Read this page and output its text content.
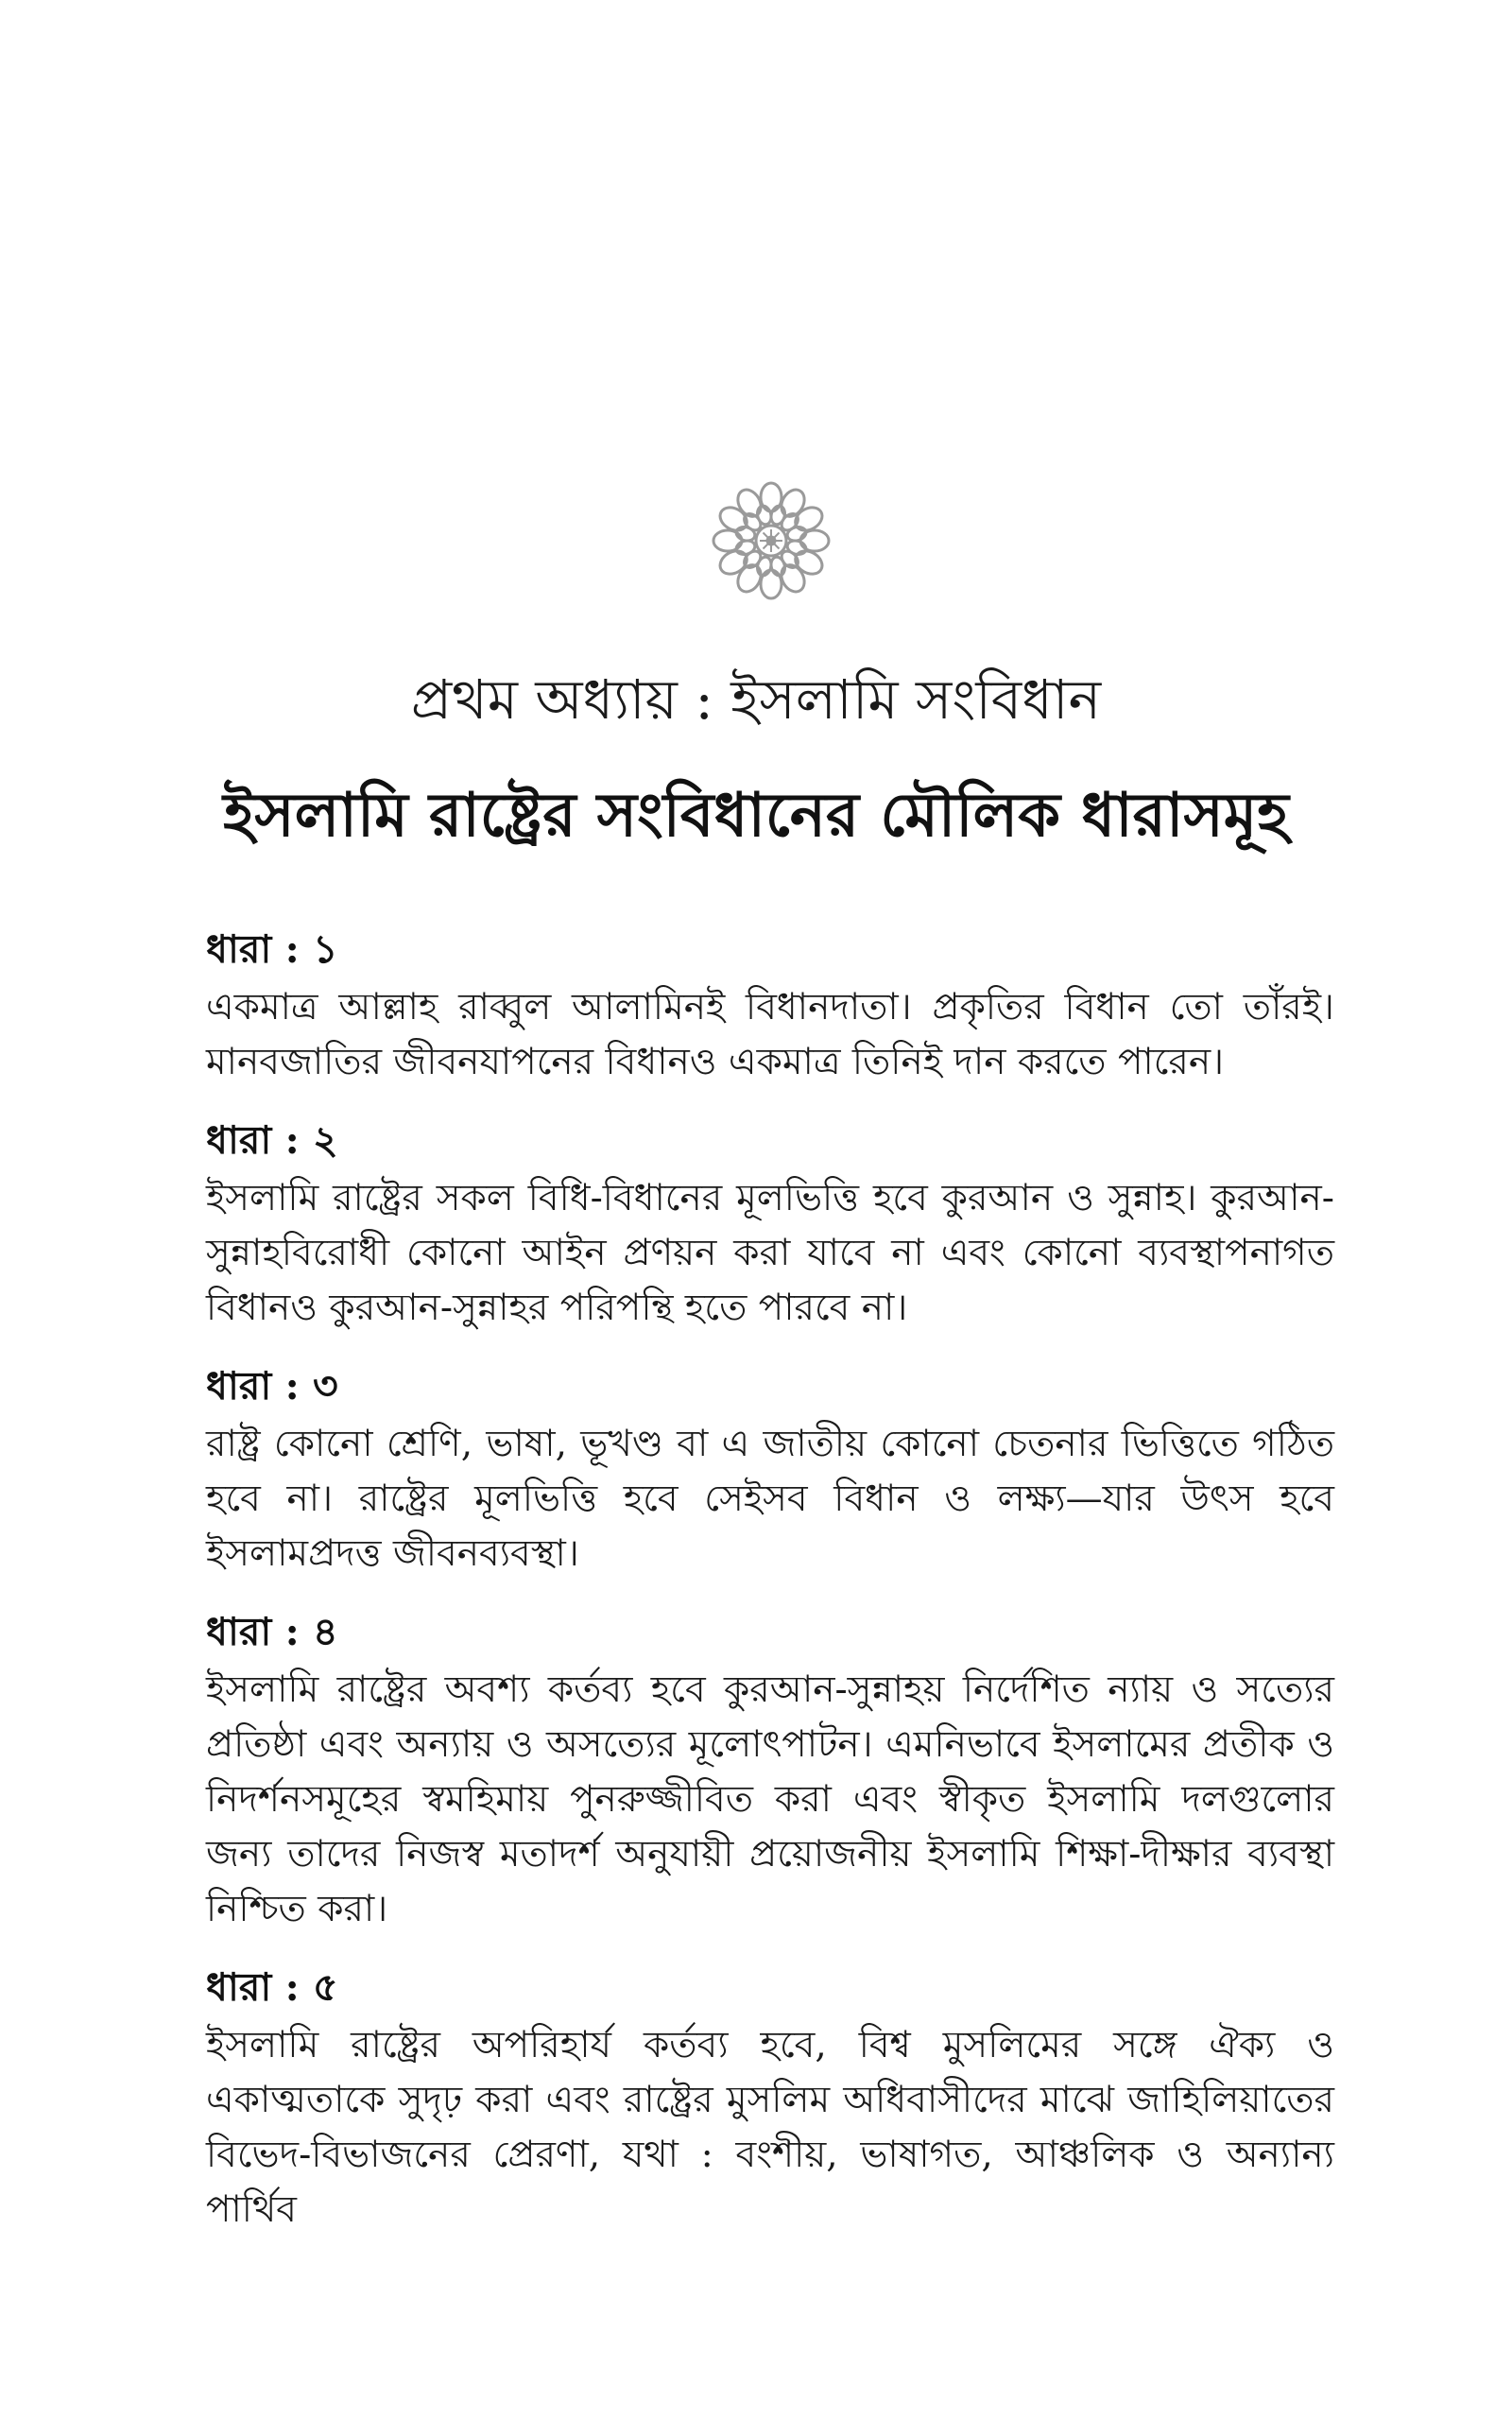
প্রথম অধ্যায় : ইসলামি সংবিধান
ইসলামি রাষ্ট্রের সংবিধানের মৌলিক ধারাসমূহ
ধারা : ১

একমাত্র আল্লাহ রাব্বুল আলামিনই বিধানদাতা। প্রকৃতির বিধান তো তাঁরই। মানবজাতির জীবনযাপনের বিধানও একমাত্র তিনিই দান করতে পারেন।

ধারা : ২

ইসলামি রাষ্ট্রের সকল বিধি-বিধানের মূলভিত্তি হবে কুরআন ও সুন্নাহ। কুরআন-সুন্নাহবিরোধী কোনো আইন প্রণয়ন করা যাবে না এবং কোনো ব্যবস্থাপনাগত বিধানও কুরআন-সুন্নাহর পরিপন্থি হতে পারবে না।

ধারা : ৩

রাষ্ট্র কোনো শ্রেণি, ভাষা, ভূখণ্ড বা এ জাতীয় কোনো চেতনার ভিত্তিতে গঠিত হবে না। রাষ্ট্রের মূলভিত্তি হবে সেইসব বিধান ও লক্ষ্য—যার উৎস হবে ইসলামপ্রদত্ত জীবনব্যবস্থা।

ধারা : ৪

ইসলামি রাষ্ট্রের অবশ্য কর্তব্য হবে কুরআন-সুন্নাহয় নির্দেশিত ন্যায় ও সত্যের প্রতিষ্ঠা এবং অন্যায় ও অসত্যের মূলোৎপাটন। এমনিভাবে ইসলামের প্রতীক ও নিদর্শনসমূহের স্বমহিমায় পুনরুজ্জীবিত করা এবং স্বীকৃত ইসলামি দলগুলোর জন্য তাদের নিজস্ব মতাদর্শ অনুযায়ী প্রয়োজনীয় ইসলামি শিক্ষা-দীক্ষার ব্যবস্থা নিশ্চিত করা।

ধারা : ৫

ইসলামি রাষ্ট্রের অপরিহার্য কর্তব্য হবে, বিশ্ব মুসলিমের সঙ্গে ঐক্য ও একাত্মতাকে সুদৃঢ় করা এবং রাষ্ট্রের মুসলিম অধিবাসীদের মাঝে জাহিলিয়াতের বিভেদ-বিভাজনের প্রেরণা, যথা : বংশীয়, ভাষাগত, আঞ্চলিক ও অন্যান্য পার্থিব
